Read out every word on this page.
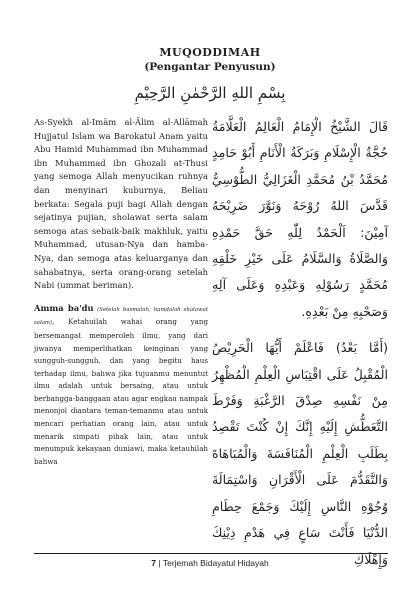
MUQODDIMAH
(Pengantar Penyusun)
بِسْمِ اللهِ الرَّحْمٰنِ الرَّحِيْمِ

As-Syekh al-Imām al-Ālim al-Allāmah Hujjatul Islam wa Barokatul Anam yaitu Abu Hamid Muhammad ibn Muhammad ibn Muhammad ibn Ghozali at-Thusi yang semoga Allah menyucikan ruhnya dan menyinari kuburnya, Beliau berkata: Segala puji bagi Allah dengan sejatinya pujian, sholawat serta salam semoga atas sebaik-baik makhluk, yaitu Muhammad, utusan-Nya dan hamba-Nya, dan semoga atas keluarganya dan sahabatnya, serta orang-orang setelah Nabi (ummat beriman).

Amma ba'du (Setelah basmalah, hamdalah shalawat salam), Ketahuilah wahai orang yang bersemangat memperoleh ilmu, yang dari jiwanya memperlihatkan keinginan yang sungguh-sungguh, dan yang begitu haus terhadap ilmu, bahwa jika tujuanmu menuntut ilmu adalah untuk bersaing, atau untuk berbangga-banggaan atau agar engkau nampak menonjol diantara teman-temanmu atau untuk mencari perhatian orang lain, atau untuk menarik simpati pihak lain, atau untuk menumpuk kekayaan duniawi, maka ketauhilah bahwa

قَالَ الشَّيْخُ الْإِمَامُ الْعَالِمُ الْعَلَّامَةُ حُجَّةُ الْإِسْلَامِ وَبَرَكَةُ الْأَنَامِ أَبُوْ حَامِدٍ مُحَمَّدُ بْنُ مُحَمَّدِ الْغَزَالِيُّ الطُّوْسِيُّ قَدَّسَ اللهُ رُوْحَهُ وَنَوَّرَ ضَرِيْحَهُ آمِيْنَ: اَلْحَمْدُ لِلّٰهِ حَقَّ حَمْدِهِ وَالصَّلَاةُ وَالسَّلَامُ عَلَى خَيْرِ خَلْقِهِ مُحَمَّدٍ رَسُوْلِهِ وَعَبْدِهِ وَعَلَى آلِهِ وَصَحْبِهِ مِنْ بَعْدِهِ.

(أَمَّا بَعْدُ) فَاعْلَمْ أَيُّهَا الْحَرِيْصُ الْمُقْبِلُ عَلَى اقْتِبَاسِ الْعِلْمِ الْمُظْهِرُ مِنْ نَفْسِهِ صِدْقَ الرَّغْبَةِ وَفَرْطَ التَّعَطُّشِ إِلَيْهِ إِنَّكَ إِنْ كُنْتَ تَقْصِدُ بِطَلَبِ الْعِلْمِ الْمُنَافَسَةَ وَالْمُبَاهَاةَ وَالتَّقَدُّمَ عَلَى الْأَقْرَانِ وَاسْتِمَالَةَ وُجُوْهِ النَّاسِ إِلَيْكَ وَجَمْعَ حِطَامِ الدُّنْيَا فَأَنْتَ سَاعٍ فِي هَدْمِ دِيْنِكَ وَإِهْلَاكِ

7 | Terjemah Bidayatul Hidayah
